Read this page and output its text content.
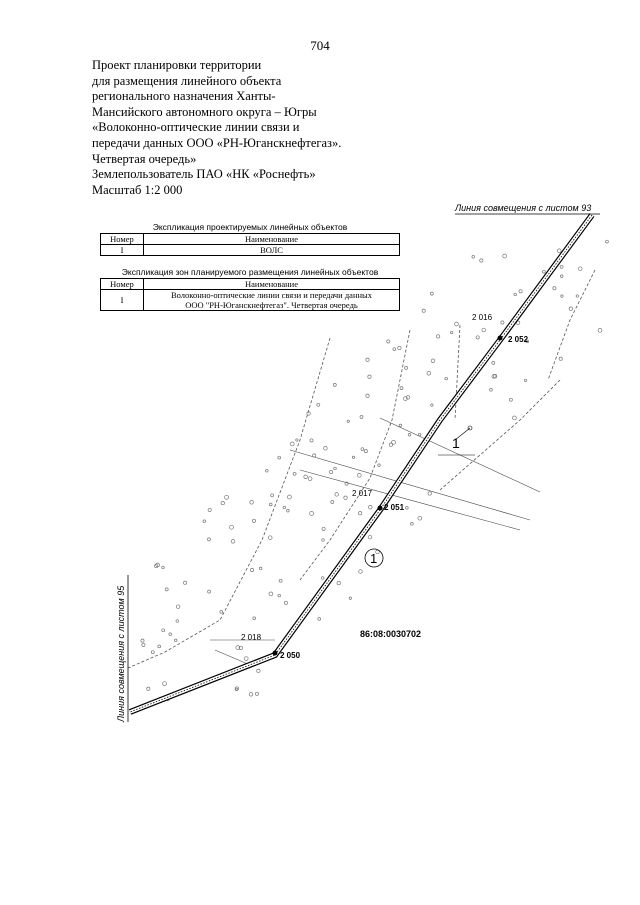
704
Проект планировки территории
для размещения линейного объекта
регионального назначения Ханты-
Мансийского автономного округа – Югры
«Волоконно-оптические линии связи и
передачи данных ООО «РН-Юганскнефтегаз».
Четвертая очередь»
Землепользователь ПАО «НК «Роснефть»
Масштаб 1:2 000
Экспликация проектируемых линейных объектов
Номер	Наименование
I	ВОЛС
Экспликация зон планируемого размещения линейных объектов
Номер	Наименование
I	Волоконно-оптические линии связи и передачи данных
ООО "РН-Юганскнефтегаз". Четвертая очередь
2 016
2 052
2 017
2 051
2 018
2 050
1
1
86:08:0030702
Линия совмещения с листом 93
Линия совмещения с листом 95
